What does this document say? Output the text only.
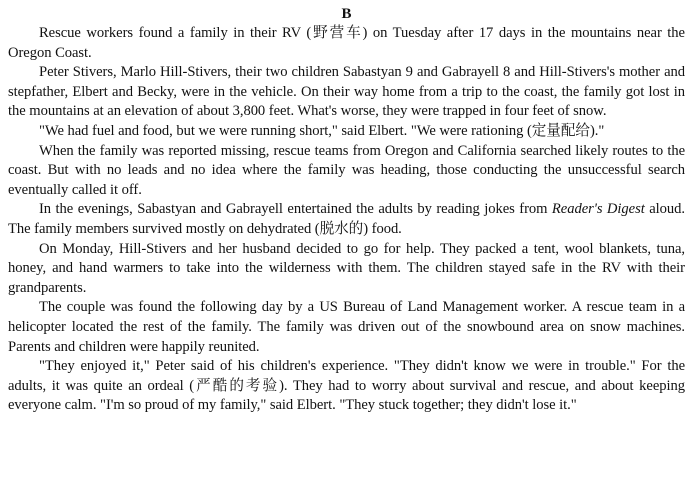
B

Rescue workers found a family in their RV (野营车) on Tuesday after 17 days in the mountains near the Oregon Coast.

Peter Stivers, Marlo Hill-Stivers, their two children Sabastyan 9 and Gabrayell 8 and Hill-Stivers's mother and stepfather, Elbert and Becky, were in the vehicle. On their way home from a trip to the coast, the family got lost in the mountains at an elevation of about 3,800 feet. What's worse, they were trapped in four feet of snow.

"We had fuel and food, but we were running short," said Elbert. "We were rationing (定量配给)."

When the family was reported missing, rescue teams from Oregon and California searched likely routes to the coast. But with no leads and no idea where the family was heading, those conducting the unsuccessful search eventually called it off.

In the evenings, Sabastyan and Gabrayell entertained the adults by reading jokes from Reader's Digest aloud. The family members survived mostly on dehydrated (脱水的) food.

On Monday, Hill-Stivers and her husband decided to go for help. They packed a tent, wool blankets, tuna, honey, and hand warmers to take into the wilderness with them. The children stayed safe in the RV with their grandparents.

The couple was found the following day by a US Bureau of Land Management worker. A rescue team in a helicopter located the rest of the family. The family was driven out of the snowbound area on snow machines. Parents and children were happily reunited.

"They enjoyed it," Peter said of his children's experience. "They didn't know we were in trouble." For the adults, it was quite an ordeal (严酷的考验). They had to worry about survival and rescue, and about keeping everyone calm. "I'm so proud of my family," said Elbert. "They stuck together; they didn't lose it."
